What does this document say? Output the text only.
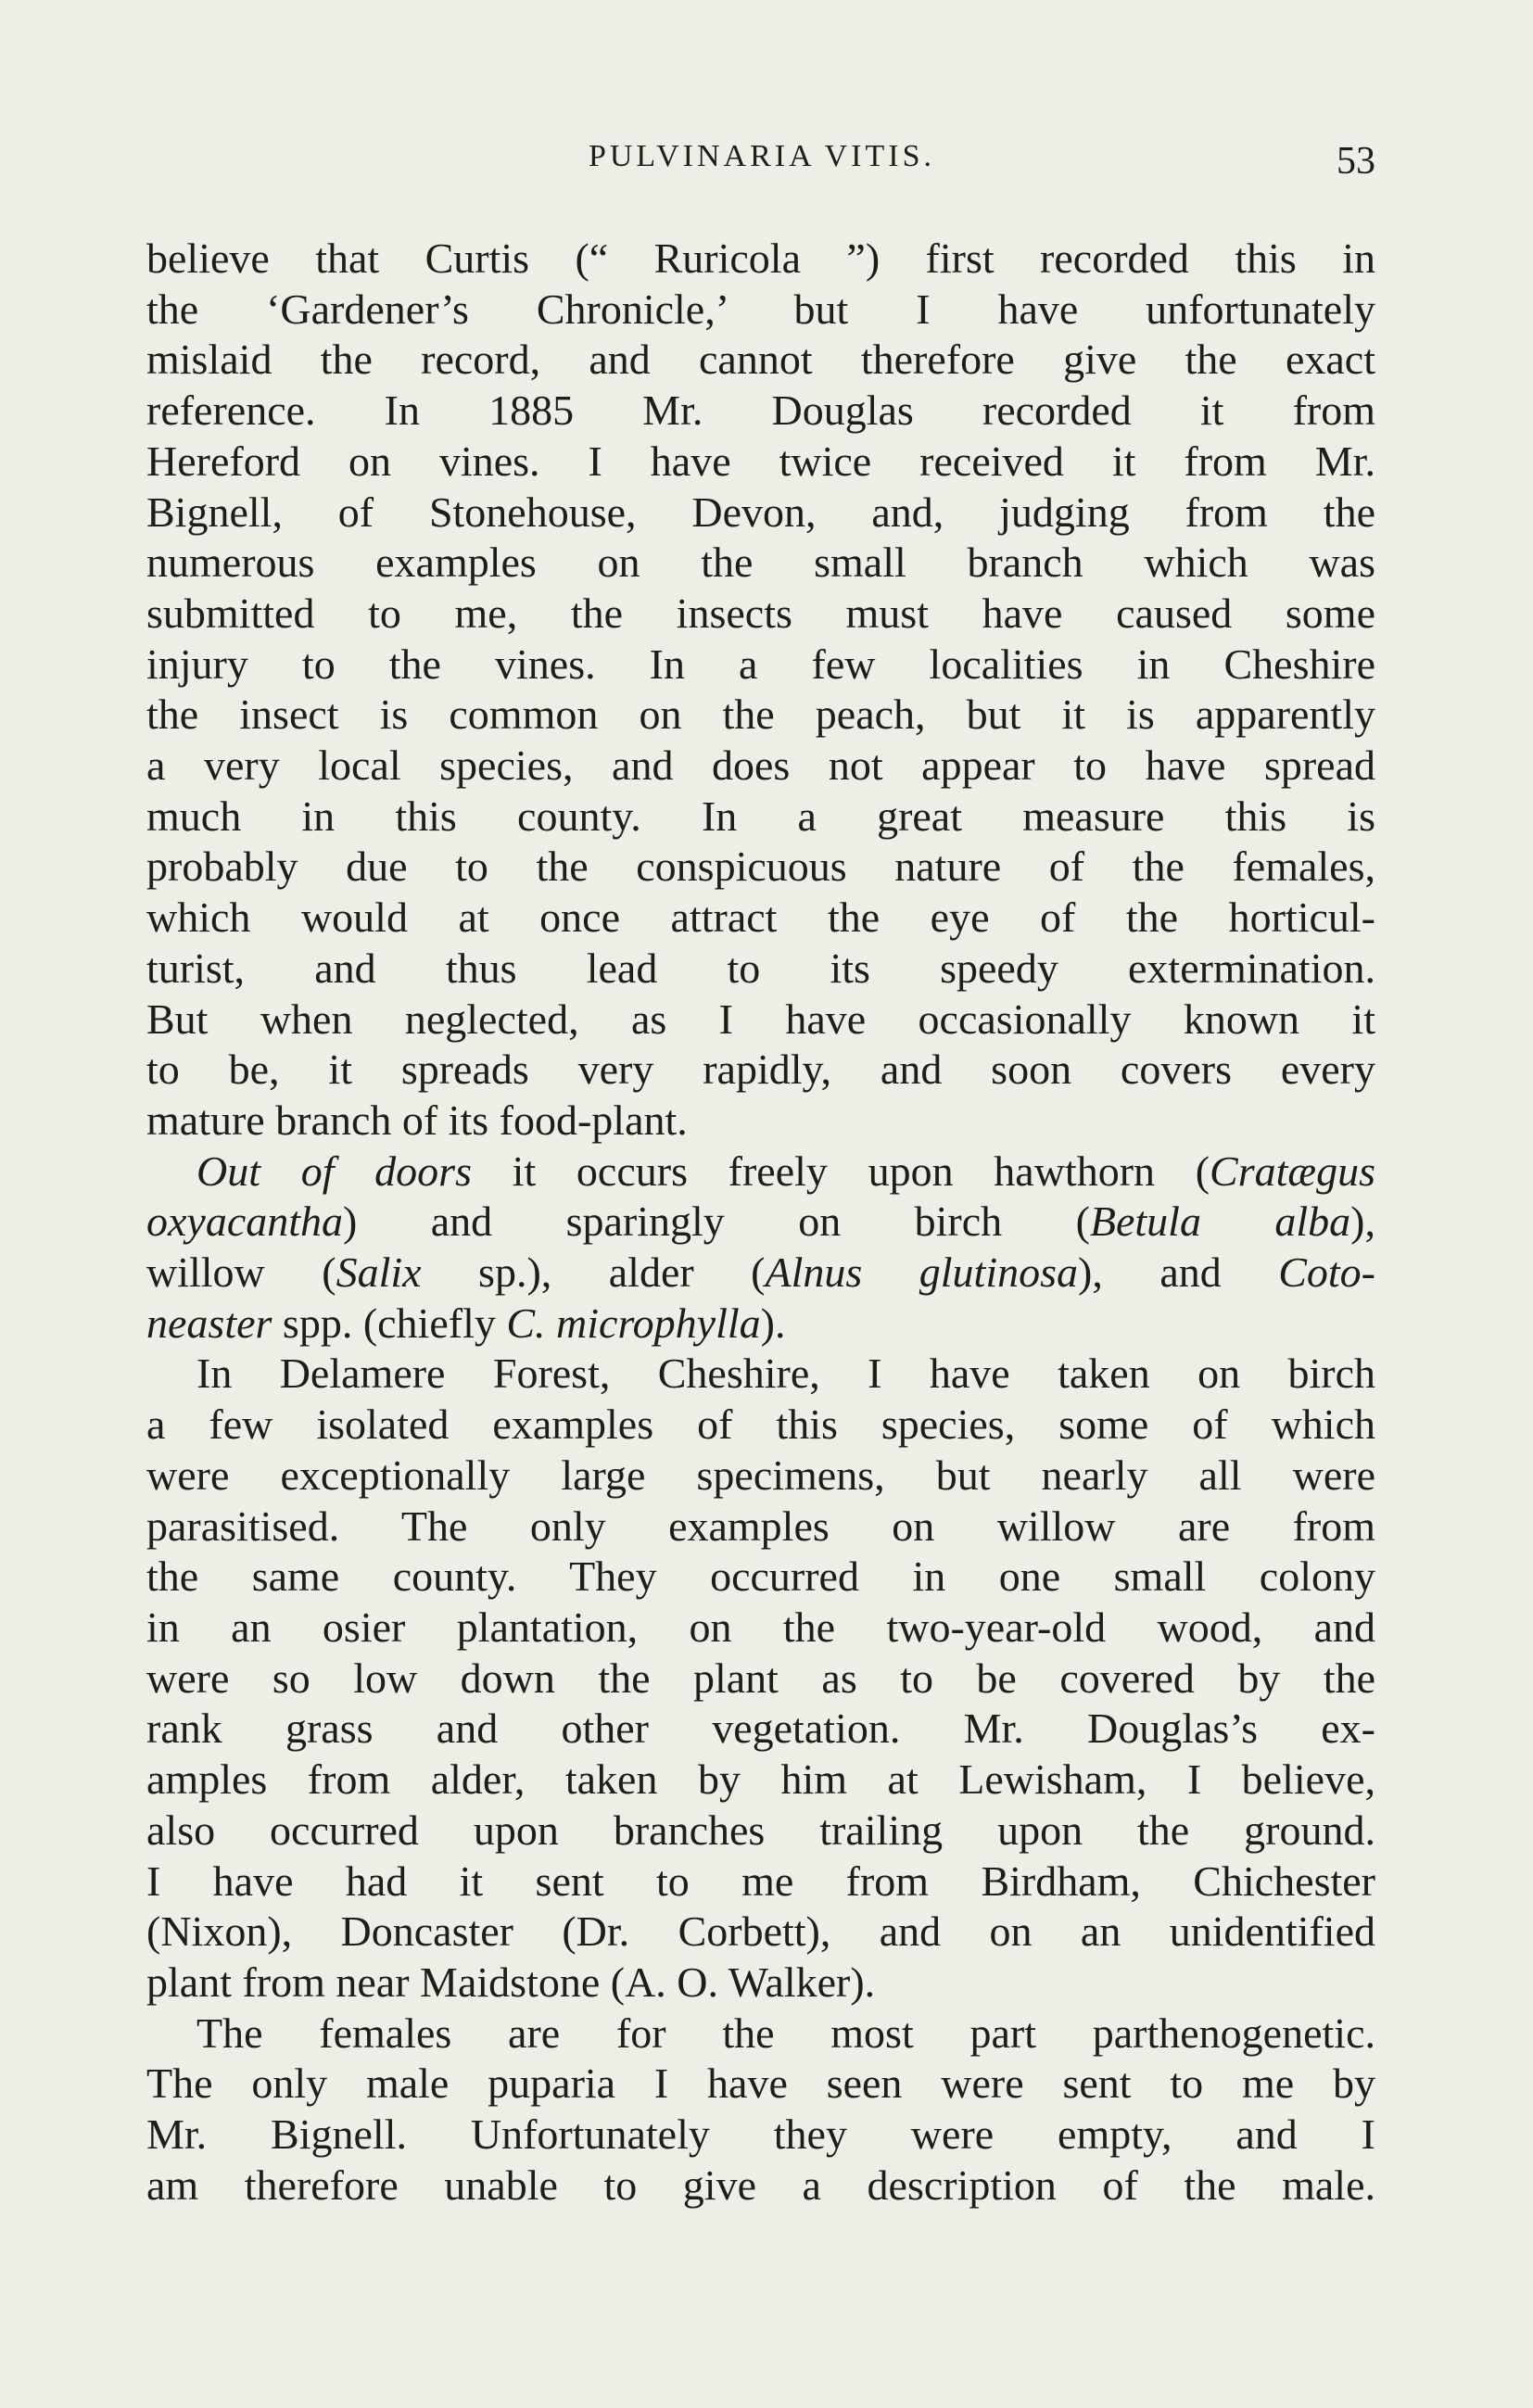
PULVINARIA VITIS.	53

believe that Curtis (“ Ruricola ”) first recorded this in
the ‘Gardener’s Chronicle,’ but I have unfortunately
mislaid the record, and cannot therefore give the exact
reference. In 1885 Mr. Douglas recorded it from
Hereford on vines. I have twice received it from Mr.
Bignell, of Stonehouse, Devon, and, judging from the
numerous examples on the small branch which was
submitted to me, the insects must have caused some
injury to the vines. In a few localities in Cheshire
the insect is common on the peach, but it is apparently
a very local species, and does not appear to have spread
much in this county. In a great measure this is
probably due to the conspicuous nature of the females,
which would at once attract the eye of the horticul-
turist, and thus lead to its speedy extermination.
But when neglected, as I have occasionally known it
to be, it spreads very rapidly, and soon covers every
mature branch of its food-plant.

Out of doors it occurs freely upon hawthorn (Cratægus
oxyacantha) and sparingly on birch (Betula alba),
willow (Salix sp.), alder (Alnus glutinosa), and Coto-
neaster spp. (chiefly C. microphylla).

In Delamere Forest, Cheshire, I have taken on birch
a few isolated examples of this species, some of which
were exceptionally large specimens, but nearly all were
parasitised. The only examples on willow are from
the same county. They occurred in one small colony
in an osier plantation, on the two-year-old wood, and
were so low down the plant as to be covered by the
rank grass and other vegetation. Mr. Douglas’s ex-
amples from alder, taken by him at Lewisham, I believe,
also occurred upon branches trailing upon the ground.
I have had it sent to me from Birdham, Chichester
(Nixon), Doncaster (Dr. Corbett), and on an unidentified
plant from near Maidstone (A. O. Walker).

The females are for the most part parthenogenetic.
The only male puparia I have seen were sent to me by
Mr. Bignell. Unfortunately they were empty, and I
am therefore unable to give a description of the male.
